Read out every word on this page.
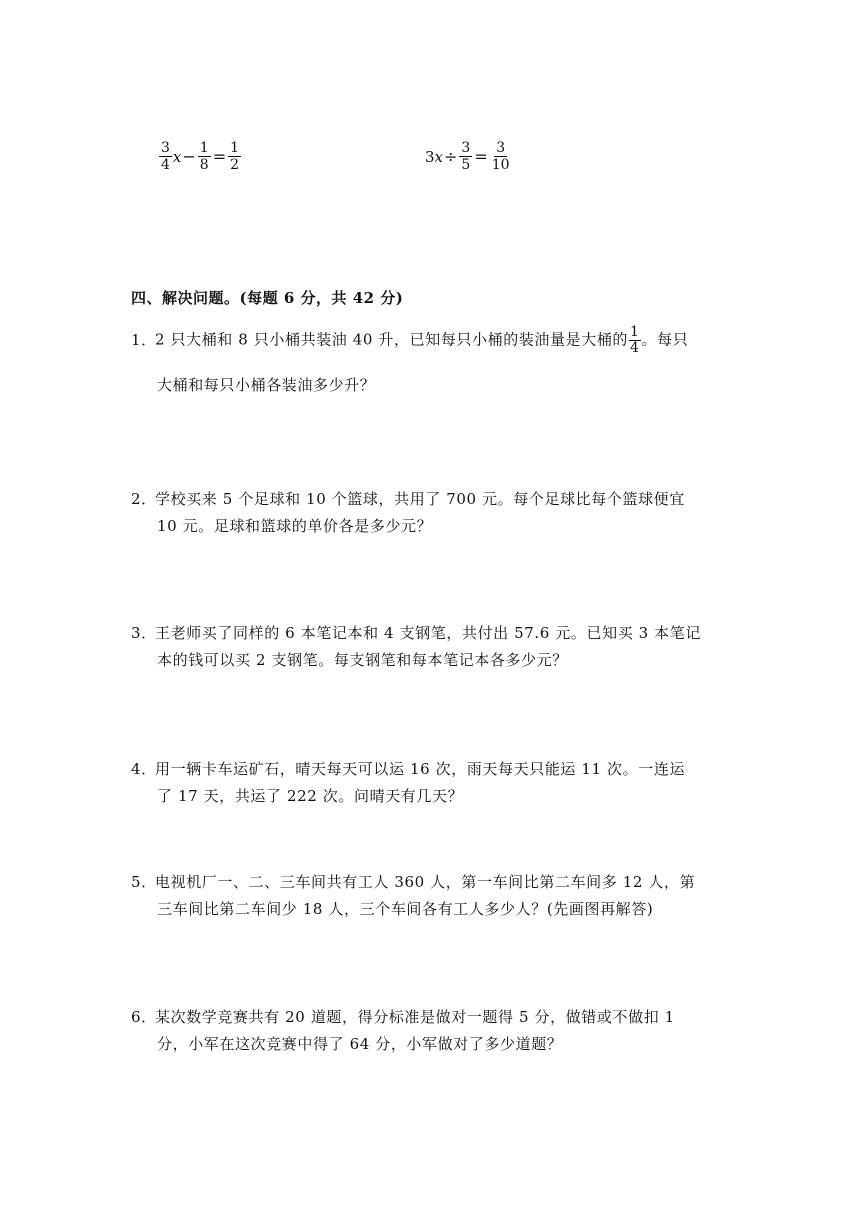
$\frac{3}{4}$ $x - \frac{1}{8} = \frac{1}{2}$	3 $x \div \frac{3}{5} = \frac{3}{10}$
四、解决问题。(每题 6 分，共 42 分)
1．2 只大桶和 8 只小桶共装油 40 升，已知每只小桶的装油量是大桶的 $\frac{1}{4}$ 。每只
大桶和每只小桶各装油多少升？
2．学校买来 5 个足球和 10 个篮球，共用了 700 元。每个足球比每个篮球便宜
10 元。足球和篮球的单价各是多少元？
3．王老师买了同样的 6 本笔记本和 4 支钢笔，共付出 57.6 元。已知买 3 本笔记
本的钱可以买 2 支钢笔。每支钢笔和每本笔记本各多少元？
4．用一辆卡车运矿石，晴天每天可以运 16 次，雨天每天只能运 11 次。一连运
了 17 天，共运了 222 次。问晴天有几天？
5．电视机厂一、二、三车间共有工人 360 人，第一车间比第二车间多 12 人，第
三车间比第二车间少 18 人，三个车间各有工人多少人？(先画图再解答)
6．某次数学竞赛共有 20 道题，得分标准是做对一题得 5 分，做错或不做扣 1
分，小军在这次竞赛中得了 64 分，小军做对了多少道题？
